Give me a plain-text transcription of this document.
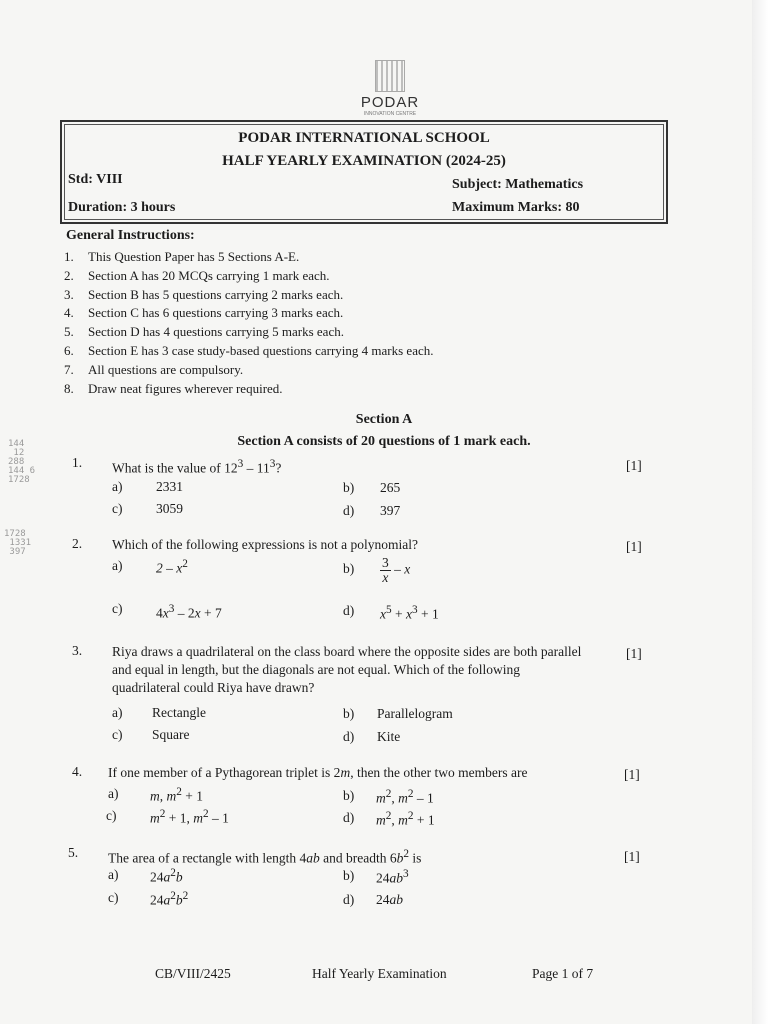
144
12
288
144 6
1728
1728
1331
397
PODAR
INNOVATION CENTRE
PODAR INTERNATIONAL SCHOOL
HALF YEARLY EXAMINATION (2024-25)
Std: VIII	Subject: Mathematics
Duration: 3 hours	Maximum Marks: 80
General Instructions:
1. This Question Paper has 5 Sections A-E.
2. Section A has 20 MCQs carrying 1 mark each.
3. Section B has 5 questions carrying 2 marks each.
4. Section C has 6 questions carrying 3 marks each.
5. Section D has 4 questions carrying 5 marks each.
6. Section E has 3 case study-based questions carrying 4 marks each.
7. All questions are compulsory.
8. Draw neat figures wherever required.
Section A
Section A consists of 20 questions of 1 mark each.
1. What is the value of $12^3 - 11^3$?	[1]
a) 2331	b) 265
c) 3059	d) 397
2. Which of the following expressions is not a polynomial?	[1]
a) $2 - x^2$	$b) \frac{3}{x}$ – x
c) $4x^3 - 2x + 7$	d) $x^5 + x^3 + 1$
3. Riya draws a quadrilateral on the class board where the opposite sides are both parallel and equal in length, but the diagonals are not equal. Which of the following quadrilateral could Riya have drawn?
[1]
a) Rectangle	b) Parallelogram
c) Square	d) Kite
4. If one member of a Pythagorean triplet is 2m, then the other two members are	[1]
a) m, $m^2 + 1$	b) $m^2$, $m^2 - 1$
c) $m^2 + 1$, $m^2 - 1$	d) $m^2$, $m^2 + 1$
5. The area of a rectangle with length 4ab and breadth $6b^2$ is	[1]
a) $24a^2b$	b) $24ab^3$
c) $24a^2b^2$	d) 24ab
CB/VIII/2425	Half Yearly Examination	Page 1 of 7
